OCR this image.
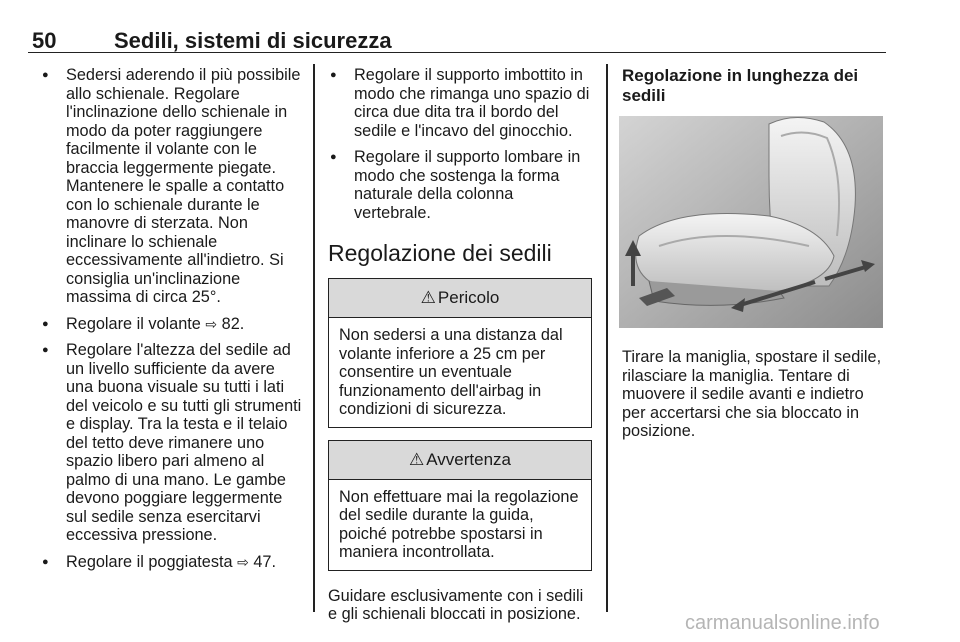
50	Sedili, sistemi di sicurezza
● Sedersi aderendo il più possibile allo schienale. Regolare l'inclinazione dello schienale in modo da poter raggiungere facilmente il volante con le braccia leggermente piegate. Mantenere le spalle a contatto con lo schienale durante le manovre di sterzata. Non inclinare lo schienale eccessivamente all'indietro. Si consiglia un'inclinazione massima di circa 25°.
● Regolare il volante ⇨ 82.
● Regolare l'altezza del sedile ad un livello sufficiente da avere una buona visuale su tutti i lati del veicolo e su tutti gli strumenti e display. Tra la testa e il telaio del tetto deve rimanere uno spazio libero pari almeno al palmo di una mano. Le gambe devono poggiare leggermente sul sedile senza esercitarvi eccessiva pressione.
● Regolare il poggiatesta ⇨ 47.
● Regolare il supporto imbottito in modo che rimanga uno spazio di circa due dita tra il bordo del sedile e l'incavo del ginocchio.
● Regolare il supporto lombare in modo che sostenga la forma naturale della colonna vertebrale.
Regolazione dei sedili
⚠ Pericolo
Non sedersi a una distanza dal volante inferiore a 25 cm per consentire un eventuale funzionamento dell'airbag in condizioni di sicurezza.
⚠ Avvertenza
Non effettuare mai la regolazione del sedile durante la guida, poiché potrebbe spostarsi in maniera incontrollata.

Guidare esclusivamente con i sedili e gli schienali bloccati in posizione.

Regolazione in lunghezza dei sedili

Tirare la maniglia, spostare il sedile, rilasciare la maniglia. Tentare di muovere il sedile avanti e indietro per accertarsi che sia bloccato in posizione.

carmanualsonline.info
